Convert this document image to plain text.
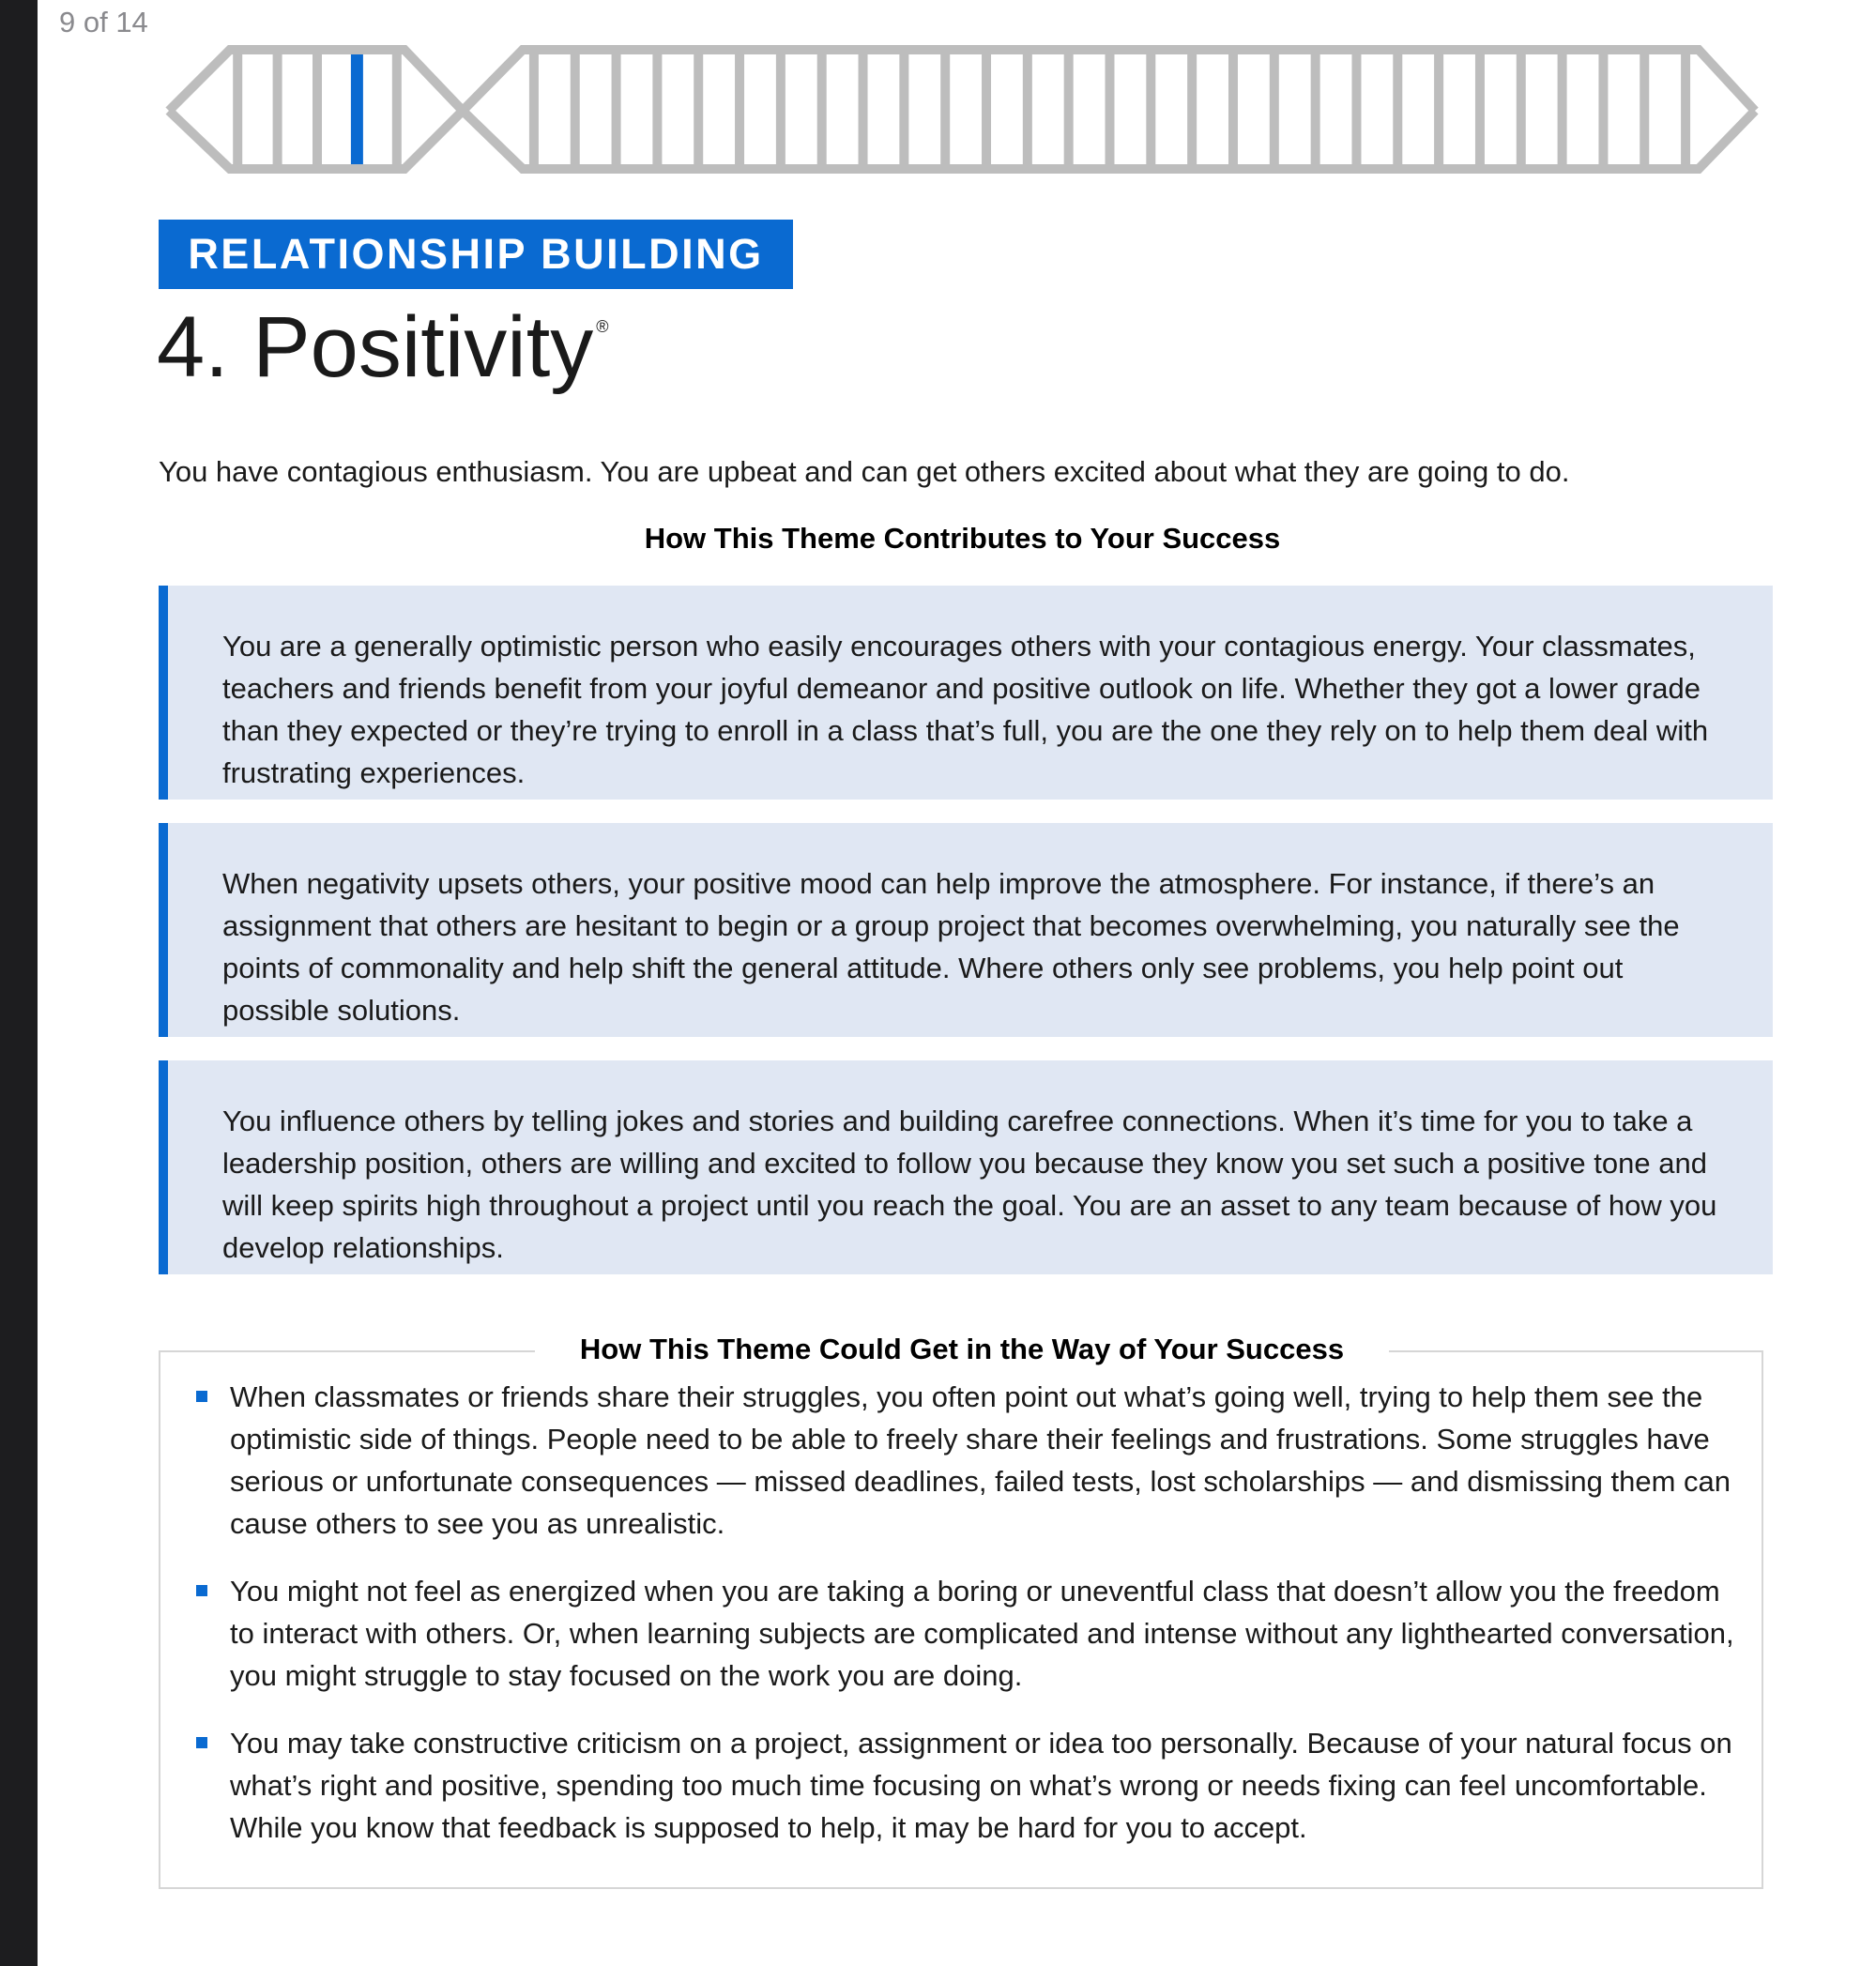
9 of 14
RELATIONSHIP BUILDING
4. Positivity ®

You have contagious enthusiasm. You are upbeat and can get others excited about what they are going to do.

How This Theme Contributes to Your Success

You are a generally optimistic person who easily encourages others with your contagious energy. Your classmates, teachers and friends benefit from your joyful demeanor and positive outlook on life. Whether they got a lower grade than they expected or they’re trying to enroll in a class that’s full, you are the one they rely on to help them deal with frustrating experiences.

When negativity upsets others, your positive mood can help improve the atmosphere. For instance, if there’s an assignment that others are hesitant to begin or a group project that becomes overwhelming, you naturally see the points of commonality and help shift the general attitude. Where others only see problems, you help point out possible solutions.

You influence others by telling jokes and stories and building carefree connections. When it’s time for you to take a leadership position, others are willing and excited to follow you because they know you set such a positive tone and will keep spirits high throughout a project until you reach the goal. You are an asset to any team because of how you develop relationships.

How This Theme Could Get in the Way of Your Success
When classmates or friends share their struggles, you often point out what’s going well, trying to help them see the optimistic side of things. People need to be able to freely share their feelings and frustrations. Some struggles have serious or unfortunate consequences — missed deadlines, failed tests, lost scholarships — and dismissing them can cause others to see you as unrealistic.
You might not feel as energized when you are taking a boring or uneventful class that doesn’t allow you the freedom to interact with others. Or, when learning subjects are complicated and intense without any lighthearted conversation, you might struggle to stay focused on the work you are doing.
You may take constructive criticism on a project, assignment or idea too personally. Because of your natural focus on what’s right and positive, spending too much time focusing on what’s wrong or needs fixing can feel uncomfortable. While you know that feedback is supposed to help, it may be hard for you to accept.
